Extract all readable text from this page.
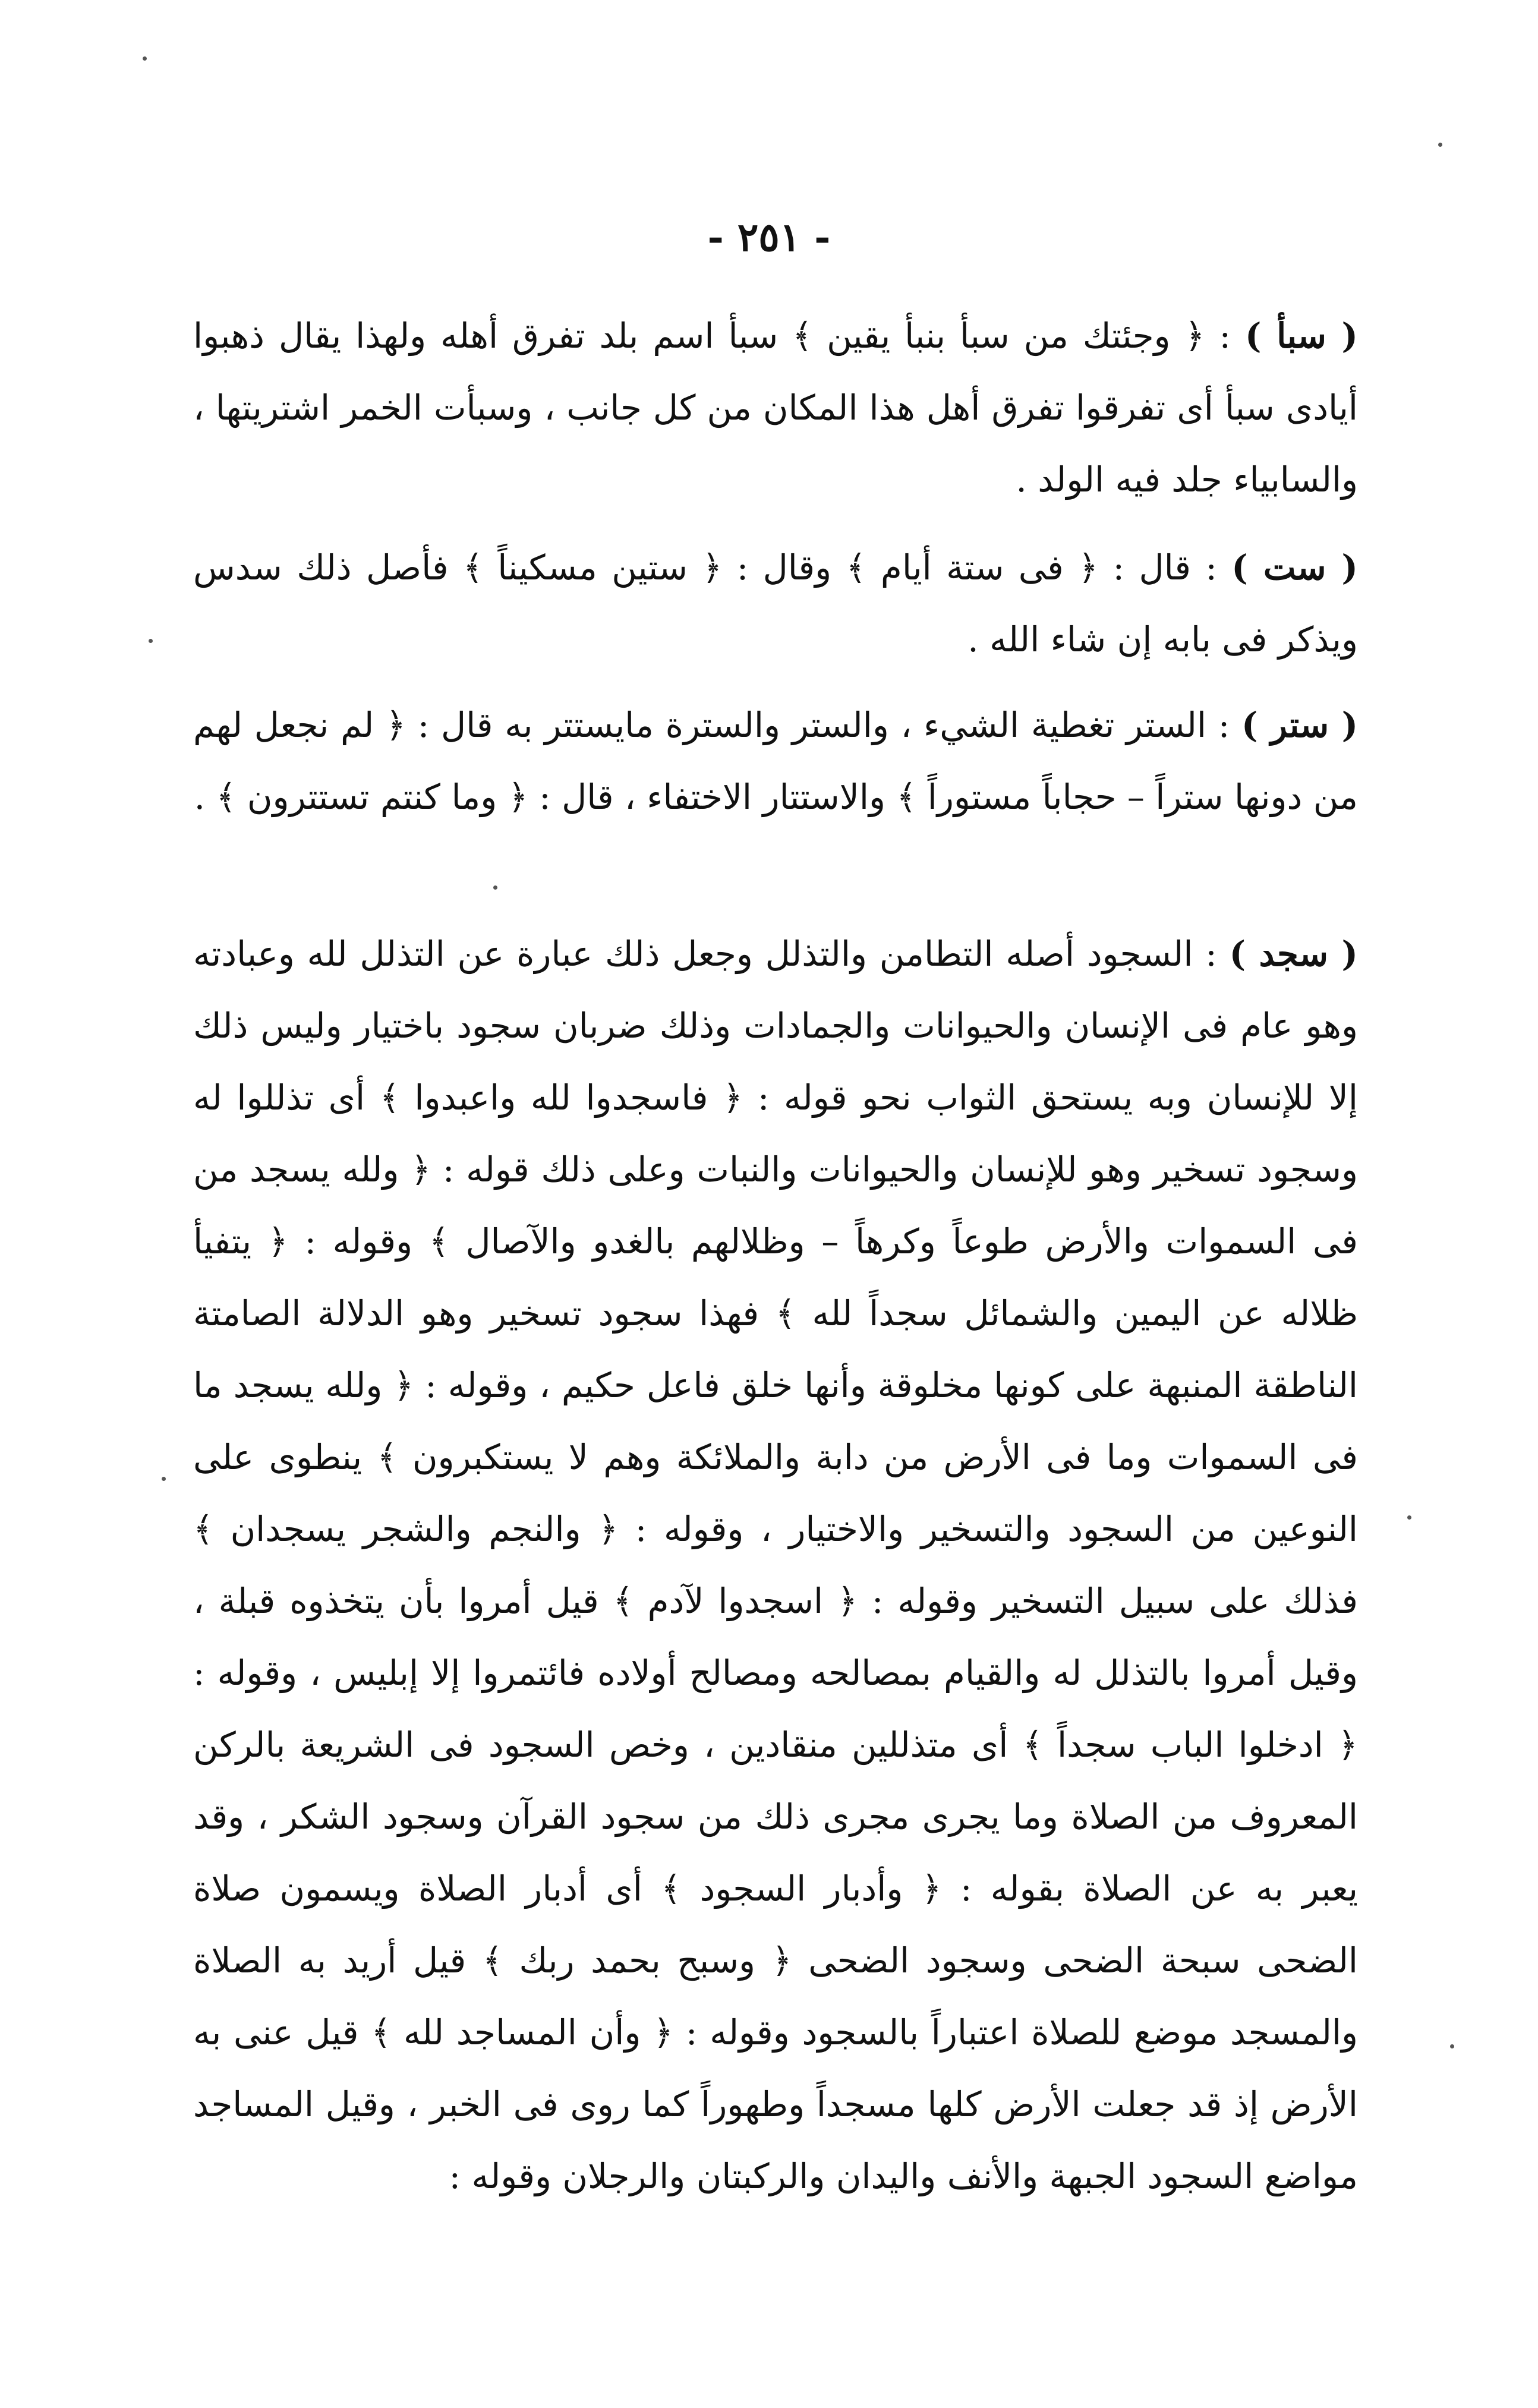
- ٢٥١ -

( سبأ ) : ﴿ وجئتك من سبأ بنبأ يقين ﴾ سبأ اسم بلد تفرق أهله ولهذا يقال ذهبوا أيادى سبأ أى تفرقوا تفرق أهل هذا المكان من كل جانب ، وسبأت الخمر اشتريتها ، والسابياء جلد فيه الولد .

( ست ) : قال : ﴿ فى ستة أيام ﴾ وقال : ﴿ ستين مسكيناً ﴾ فأصل ذلك سدس ويذكر فى بابه إن شاء الله .

( ستر ) : الستر تغطية الشيء ، والستر والسترة مايستتر به قال : ﴿ لم نجعل لهم من دونها ستراً – حجاباً مستوراً ﴾ والاستتار الاختفاء ، قال : ﴿ وما كنتم تستترون ﴾ .

( سجد ) : السجود أصله التطامن والتذلل وجعل ذلك عبارة عن التذلل لله وعبادته وهو عام فى الإنسان والحيوانات والجمادات وذلك ضربان سجود باختيار وليس ذلك إلا للإنسان وبه يستحق الثواب نحو قوله : ﴿ فاسجدوا لله واعبدوا ﴾ أى تذللوا له وسجود تسخير وهو للإنسان والحيوانات والنبات وعلى ذلك قوله : ﴿ ولله يسجد من فى السموات والأرض طوعاً وكرهاً – وظلالهم بالغدو والآصال ﴾ وقوله : ﴿ يتفيأ ظلاله عن اليمين والشمائل سجداً لله ﴾ فهذا سجود تسخير وهو الدلالة الصامتة الناطقة المنبهة على كونها مخلوقة وأنها خلق فاعل حكيم ، وقوله : ﴿ ولله يسجد ما فى السموات وما فى الأرض من دابة والملائكة وهم لا يستكبرون ﴾ ينطوى على النوعين من السجود والتسخير والاختيار ، وقوله : ﴿ والنجم والشجر يسجدان ﴾ فذلك على سبيل التسخير وقوله : ﴿ اسجدوا لآدم ﴾ قيل أمروا بأن يتخذوه قبلة ، وقيل أمروا بالتذلل له والقيام بمصالحه ومصالح أولاده فائتمروا إلا إبليس ، وقوله : ﴿ ادخلوا الباب سجداً ﴾ أى متذللين منقادين ، وخص السجود فى الشريعة بالركن المعروف من الصلاة وما يجرى مجرى ذلك من سجود القرآن وسجود الشكر ، وقد يعبر به عن الصلاة بقوله : ﴿ وأدبار السجود ﴾ أى أدبار الصلاة ويسمون صلاة الضحى سبحة الضحى وسجود الضحى ﴿ وسبح بحمد ربك ﴾ قيل أريد به الصلاة والمسجد موضع للصلاة اعتباراً بالسجود وقوله : ﴿ وأن المساجد لله ﴾ قيل عنى به الأرض إذ قد جعلت الأرض كلها مسجداً وطهوراً كما روى فى الخبر ، وقيل المساجد مواضع السجود الجبهة والأنف واليدان والركبتان والرجلان وقوله :
